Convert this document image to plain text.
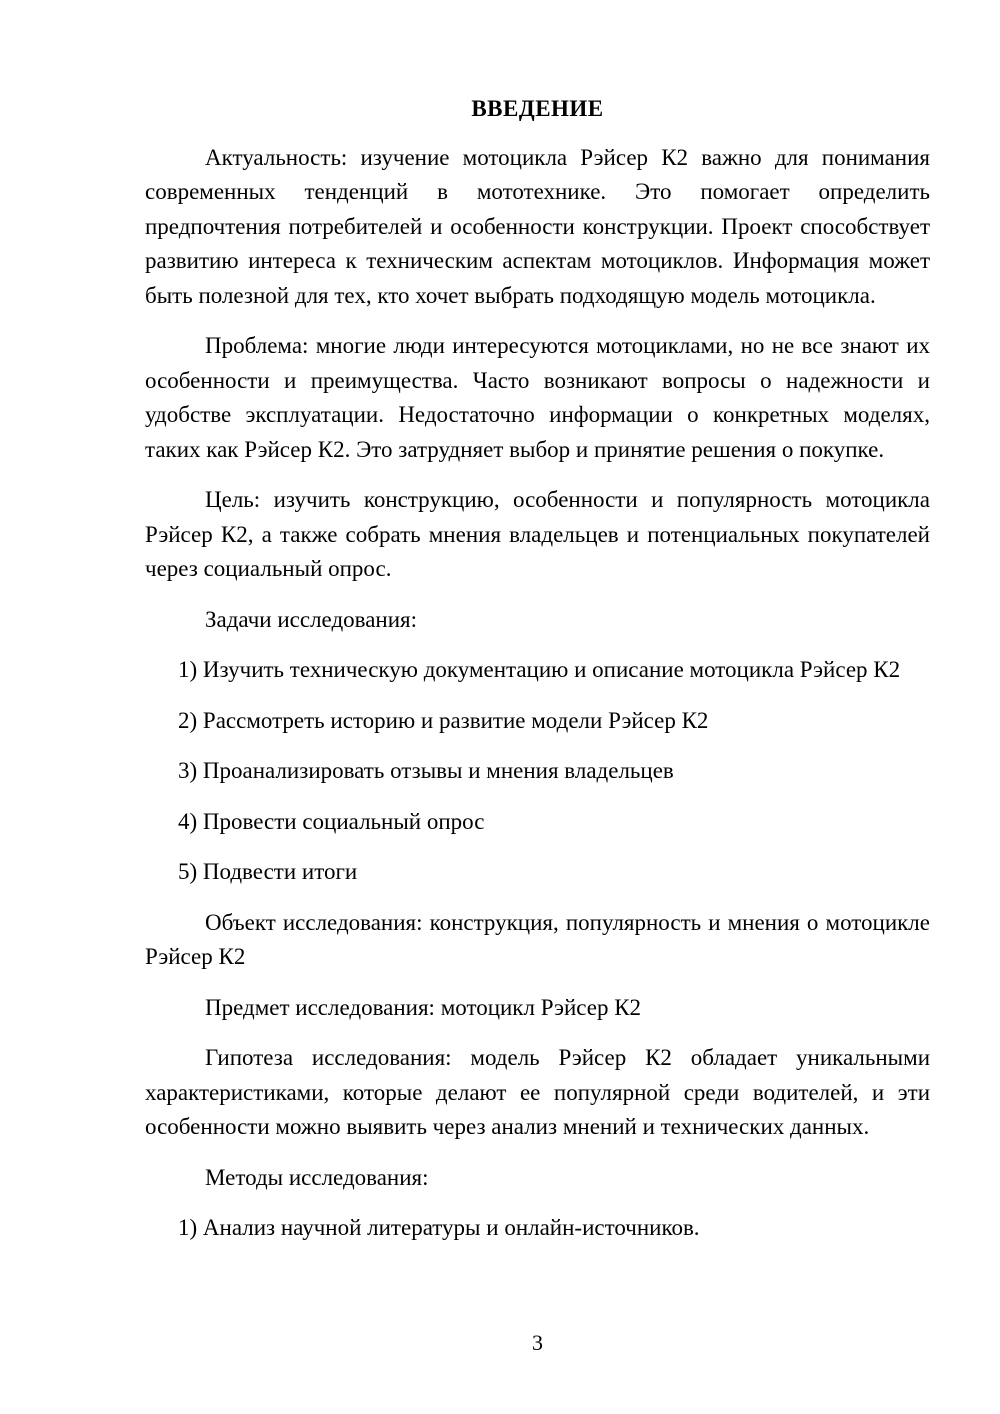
ВВЕДЕНИЕ

Актуальность: изучение мотоцикла Рэйсер К2 важно для понимания современных тенденций в мототехнике. Это помогает определить предпочтения потребителей и особенности конструкции. Проект способствует развитию интереса к техническим аспектам мотоциклов. Информация может быть полезной для тех, кто хочет выбрать подходящую модель мотоцикла.

Проблема: многие люди интересуются мотоциклами, но не все знают их особенности и преимущества. Часто возникают вопросы о надежности и удобстве эксплуатации. Недостаточно информации о конкретных моделях, таких как Рэйсер К2. Это затрудняет выбор и принятие решения о покупке.

Цель: изучить конструкцию, особенности и популярность мотоцикла Рэйсер К2, а также собрать мнения владельцев и потенциальных покупателей через социальный опрос.

Задачи исследования:

1) Изучить техническую документацию и описание мотоцикла Рэйсер К2

2) Рассмотреть историю и развитие модели Рэйсер К2

3) Проанализировать отзывы и мнения владельцев

4) Провести социальный опрос

5) Подвести итоги

Объект исследования: конструкция, популярность и мнения о мотоцикле Рэйсер К2

Предмет исследования: мотоцикл Рэйсер К2

Гипотеза исследования: модель Рэйсер К2 обладает уникальными характеристиками, которые делают ее популярной среди водителей, и эти особенности можно выявить через анализ мнений и технических данных.

Методы исследования:

1) Анализ научной литературы и онлайн-источников.

3
